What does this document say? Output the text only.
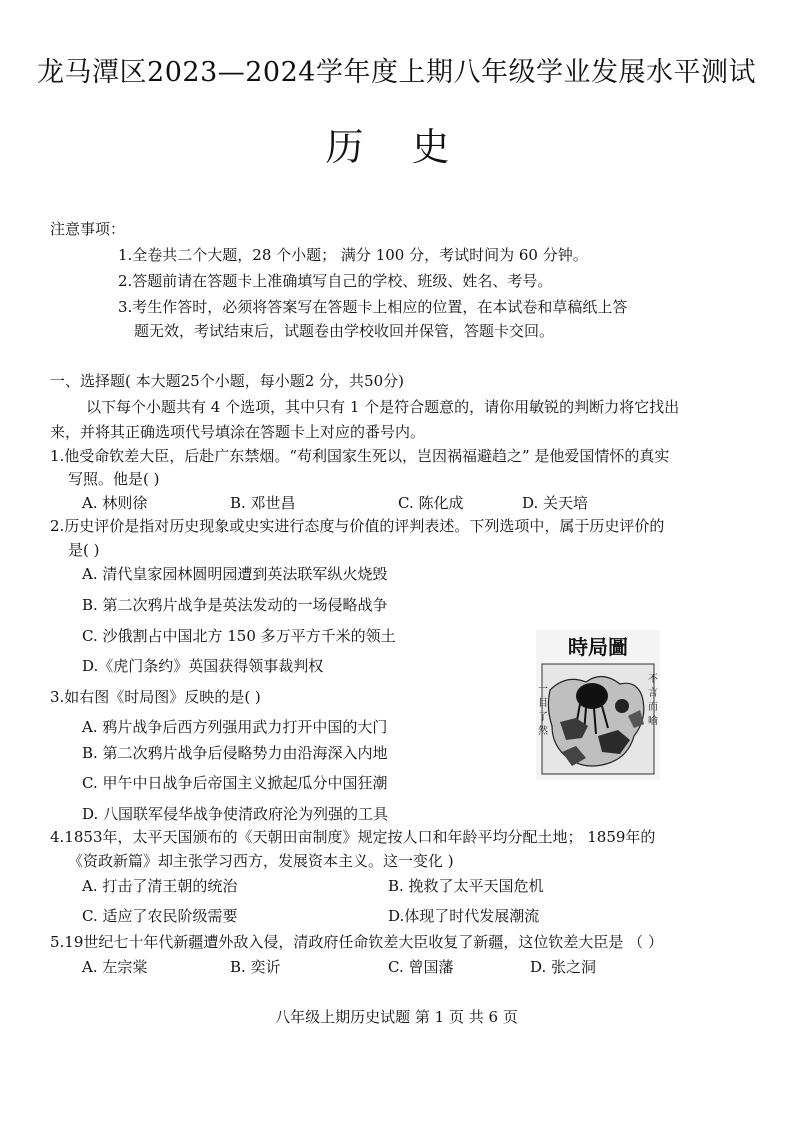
龙马潭区2023—2024学年度上期八年级学业发展水平测试
历 史
注意事项：
1.全卷共二个大题，28 个小题； 满分 100 分，考试时间为 60 分钟。
2.答题前请在答题卡上准确填写自己的学校、班级、姓名、考号。
3.考生作答时，必须将答案写在答题卡上相应的位置，在本试卷和草稿纸上答
题无效，考试结束后，试题卷由学校收回并保管，答题卡交回。
一、选择题( 本大题25个小题，每小题2 分，共50分)
以下每个小题共有 4 个选项，其中只有 1 个是符合题意的，请你用敏锐的判断力将它找出
来，并将其正确选项代号填涂在答题卡上对应的番号内。
1.他受命钦差大臣，后赴广东禁烟。“苟利国家生死以，岂因祸福避趋之” 是他爱国情怀的真实
写照。他是( )
A. 林则徐	B. 邓世昌	C. 陈化成	D. 关天培
2.历史评价是指对历史现象或史实进行态度与价值的评判表述。下列选项中，属于历史评价的
是( )
A. 清代皇家园林圆明园遭到英法联军纵火烧毁
B. 第二次鸦片战争是英法发动的一场侵略战争
C. 沙俄割占中国北方 150 多万平方千米的领土
D.《虎门条约》英国获得领事裁判权
3.如右图《时局图》反映的是( )
A. 鸦片战争后西方列强用武力打开中国的大门
B. 第二次鸦片战争后侵略势力由沿海深入内地
C. 甲午中日战争后帝国主义掀起瓜分中国狂潮
D. 八国联军侵华战争使清政府沦为列强的工具
時局圖
不 言 而 喻
一 目 了 然
4.1853年，太平天国颁布的《天朝田亩制度》规定按人口和年龄平均分配土地； 1859年的
《资政新篇》却主张学习西方，发展资本主义。这一变化 )
A. 打击了清王朝的统治	B. 挽救了太平天国危机
C. 适应了农民阶级需要	D.体现了时代发展潮流
5.19世纪七十年代新疆遭外敌入侵，清政府任命钦差大臣收复了新疆，这位钦差大臣是 （ ）
A. 左宗棠	B. 奕䜣	C. 曾国藩	D. 张之洞
八年级上期历史试题 第 1 页 共 6 页
